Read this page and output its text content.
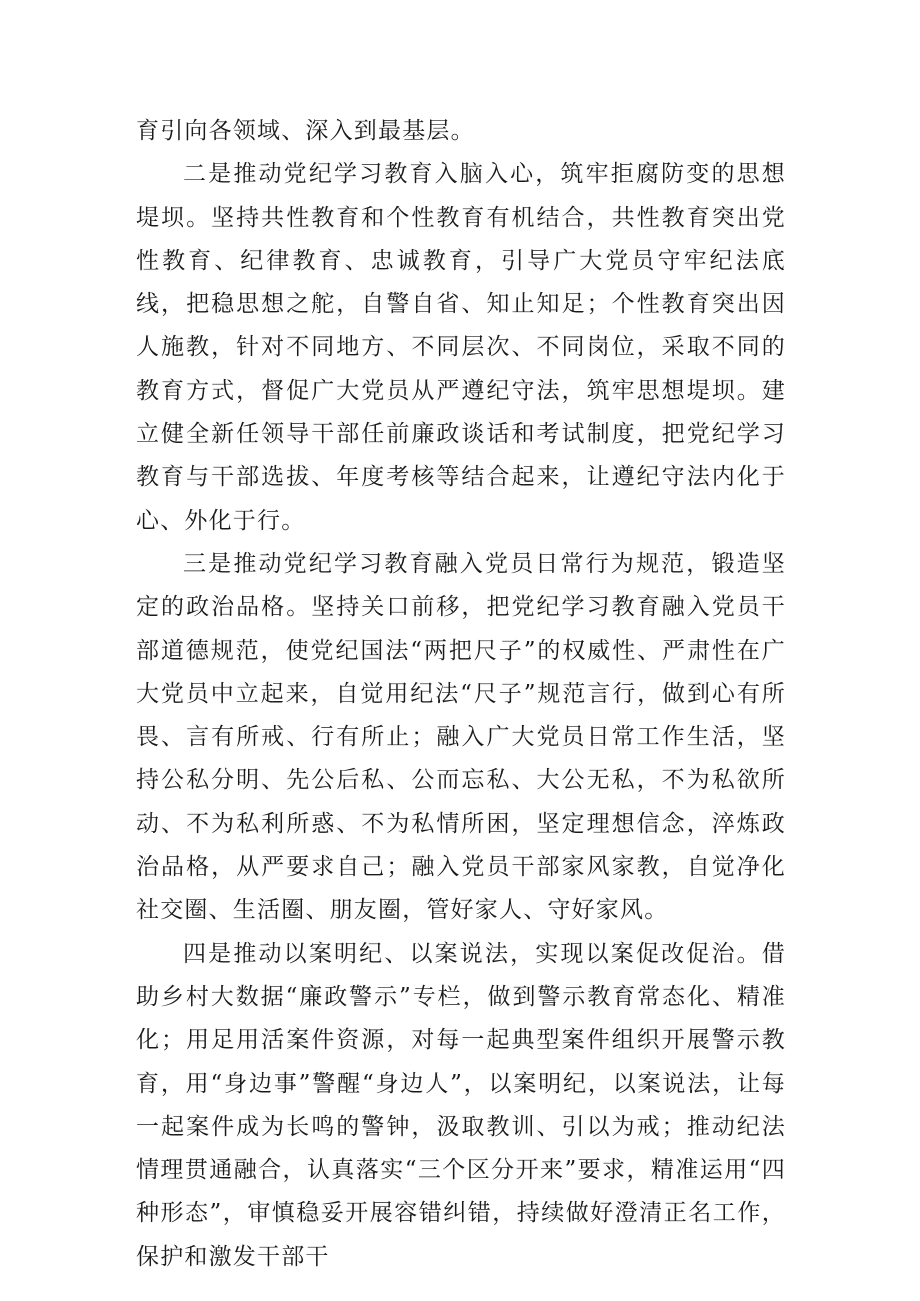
育引向各领域、深入到最基层。

二是推动党纪学习教育入脑入心，筑牢拒腐防变的思想堤坝。坚持共性教育和个性教育有机结合，共性教育突出党性教育、纪律教育、忠诚教育，引导广大党员守牢纪法底线，把稳思想之舵，自警自省、知止知足；个性教育突出因人施教，针对不同地方、不同层次、不同岗位，采取不同的教育方式，督促广大党员从严遵纪守法，筑牢思想堤坝。建立健全新任领导干部任前廉政谈话和考试制度，把党纪学习教育与干部选拔、年度考核等结合起来，让遵纪守法内化于心、外化于行。

三是推动党纪学习教育融入党员日常行为规范，锻造坚定的政治品格。坚持关口前移，把党纪学习教育融入党员干部道德规范，使党纪国法“两把尺子”的权威性、严肃性在广大党员中立起来，自觉用纪法“尺子”规范言行，做到心有所畏、言有所戒、行有所止；融入广大党员日常工作生活，坚持公私分明、先公后私、公而忘私、大公无私，不为私欲所动、不为私利所惑、不为私情所困，坚定理想信念，淬炼政治品格，从严要求自己；融入党员干部家风家教，自觉净化社交圈、生活圈、朋友圈，管好家人、守好家风。

四是推动以案明纪、以案说法，实现以案促改促治。借助乡村大数据“廉政警示”专栏，做到警示教育常态化、精准化；用足用活案件资源，对每一起典型案件组织开展警示教育，用“身边事”警醒“身边人”，以案明纪，以案说法，让每一起案件成为长鸣的警钟，汲取教训、引以为戒；推动纪法情理贯通融合，认真落实“三个区分开来”要求，精准运用“四种形态”，审慎稳妥开展容错纠错，持续做好澄清正名工作，保护和激发干部干
